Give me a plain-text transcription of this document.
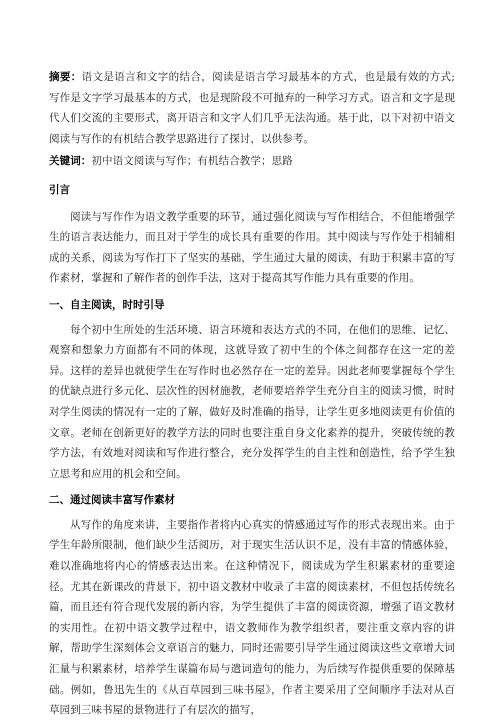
摘要：语文是语言和文字的结合，阅读是语言学习最基本的方式，也是最有效的方式;写作是文字学习最基本的方式，也是现阶段不可抛弃的一种学习方式。语言和文字是现代人们交流的主要形式，离开语言和文字人们几乎无法沟通。基于此，以下对初中语文阅读与写作的有机结合教学思路进行了探讨，以供参考。

关键词：初中语文阅读与写作；有机结合教学；思路

引言

阅读与写作作为语文教学重要的环节，通过强化阅读与写作相结合，不但能增强学生的语言表达能力，而且对于学生的成长具有重要的作用。其中阅读与写作处于相辅相成的关系，阅读为写作打下了坚实的基础，学生通过大量的阅读，有助于积累丰富的写作素材，掌握和了解作者的创作手法，这对于提高其写作能力具有重要的作用。

一、自主阅读，时时引导

每个初中生所处的生活环境、语言环境和表达方式的不同，在他们的思维、记忆、观察和想象力方面都有不同的体现，这就导致了初中生的个体之间都存在这一定的差异。这样的差异也就使学生在写作时也必然存在一定的差异。因此老师要掌握每个学生的优缺点进行多元化、层次性的因材施教，老师要培养学生充分自主的阅读习惯，时时对学生阅读的情况有一定的了解，做好及时准确的指导，让学生更多地阅读更有价值的文章。老师在创新更好的教学方法的同时也要注重自身文化素养的提升，突破传统的教学方法，有效地对阅读和写作进行整合，充分发挥学生的自主性和创造性，给予学生独立思考和应用的机会和空间。

二、通过阅读丰富写作素材

从写作的角度来讲，主要指作者将内心真实的情感通过写作的形式表现出来。由于学生年龄所限制，他们缺少生活阅历，对于现实生活认识不足，没有丰富的情感体验，难以准确地将内心的情感表达出来。在这种情况下，阅读成为学生积累素材的重要途径。尤其在新课改的背景下，初中语文教材中收录了丰富的阅读素材，不但包括传统名篇，而且还有符合现代发展的新内容，为学生提供了丰富的阅读资源，增强了语文教材的实用性。在初中语文教学过程中，语文教师作为教学组织者，要注重文章内容的讲解，帮助学生深刻体会文章语言的魅力，同时还需要引导学生通过阅读这些文章增大词汇量与积累素材，培养学生谋篇布局与遣词造句的能力，为后续写作提供重要的保障基础。例如，鲁迅先生的《从百草园到三味书屋》，作者主要采用了空间顺序手法对从百草园到三味书屋的景物进行了有层次的描写，
